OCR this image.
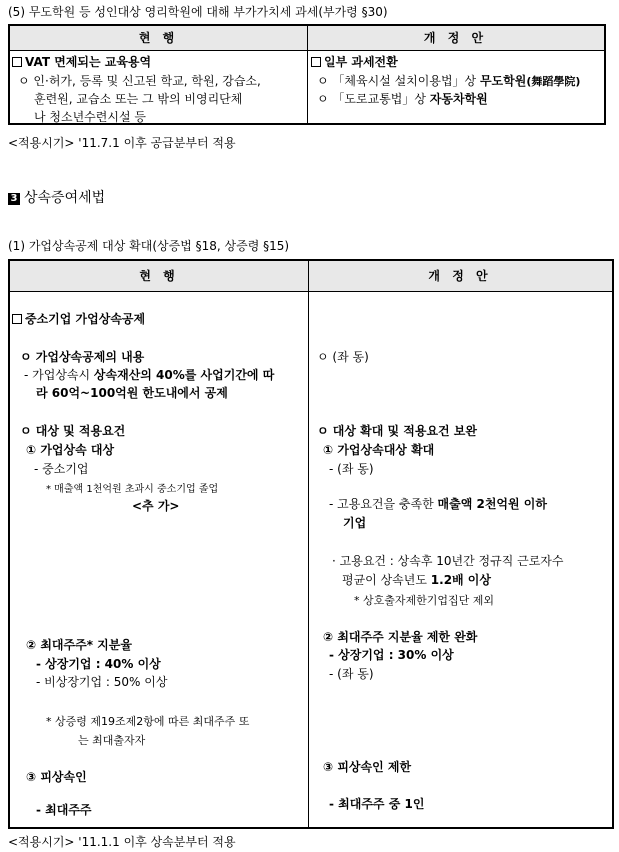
(5) 무도학원 등 성인대상 영리학원에 대해 부가가치세 과세(부가령 §30)
현 행	개 정 안
VAT 면제되는 교육용역
ㅇ 인·허가, 등록 및 신고된 학교, 학원, 강습소,
훈련원, 교습소 또는 그 밖의 비영리단체
나 청소년수련시설 등
일부 과세전환
ㅇ 「체육시설 설치이용법」상 무도학원(舞蹈學院)
ㅇ 「도로교통법」상 자동차학원
<적용시기> '11.7.1 이후 공급분부터 적용
3 상속증여세법
(1) 가업상속공제 대상 확대(상증법 §18, 상증령 §15)
현 행	개 정 안
중소기업 가업상속공제
ㅇ 가업상속공제의 내용
- 가업상속시 상속재산의 40%를 사업기간에 따
라 60억~100억원 한도내에서 공제
ㅇ 대상 및 적용요건
① 가업상속 대상
- 중소기업
* 매출액 1천억원 초과시 중소기업 졸업
<추 가>
② 최대주주* 지분율
- 상장기업 : 40% 이상
- 비상장기업 : 50% 이상
* 상증령 제19조제2항에 따른 최대주주 또
는 최대출자자
③ 피상속인
- 최대주주
ㅇ (좌 동)
ㅇ 대상 확대 및 적용요건 보완
① 가업상속대상 확대
- (좌 동)
- 고용요건을 충족한 매출액 2천억원 이하
기업
· 고용요건 : 상속후 10년간 정규직 근로자수
평균이 상속년도 1.2배 이상
* 상호출자제한기업집단 제외
② 최대주주 지분율 제한 완화
- 상장기업 : 30% 이상
- (좌 동)
③ 피상속인 제한
- 최대주주 중 1인
<적용시기> '11.1.1 이후 상속분부터 적용
